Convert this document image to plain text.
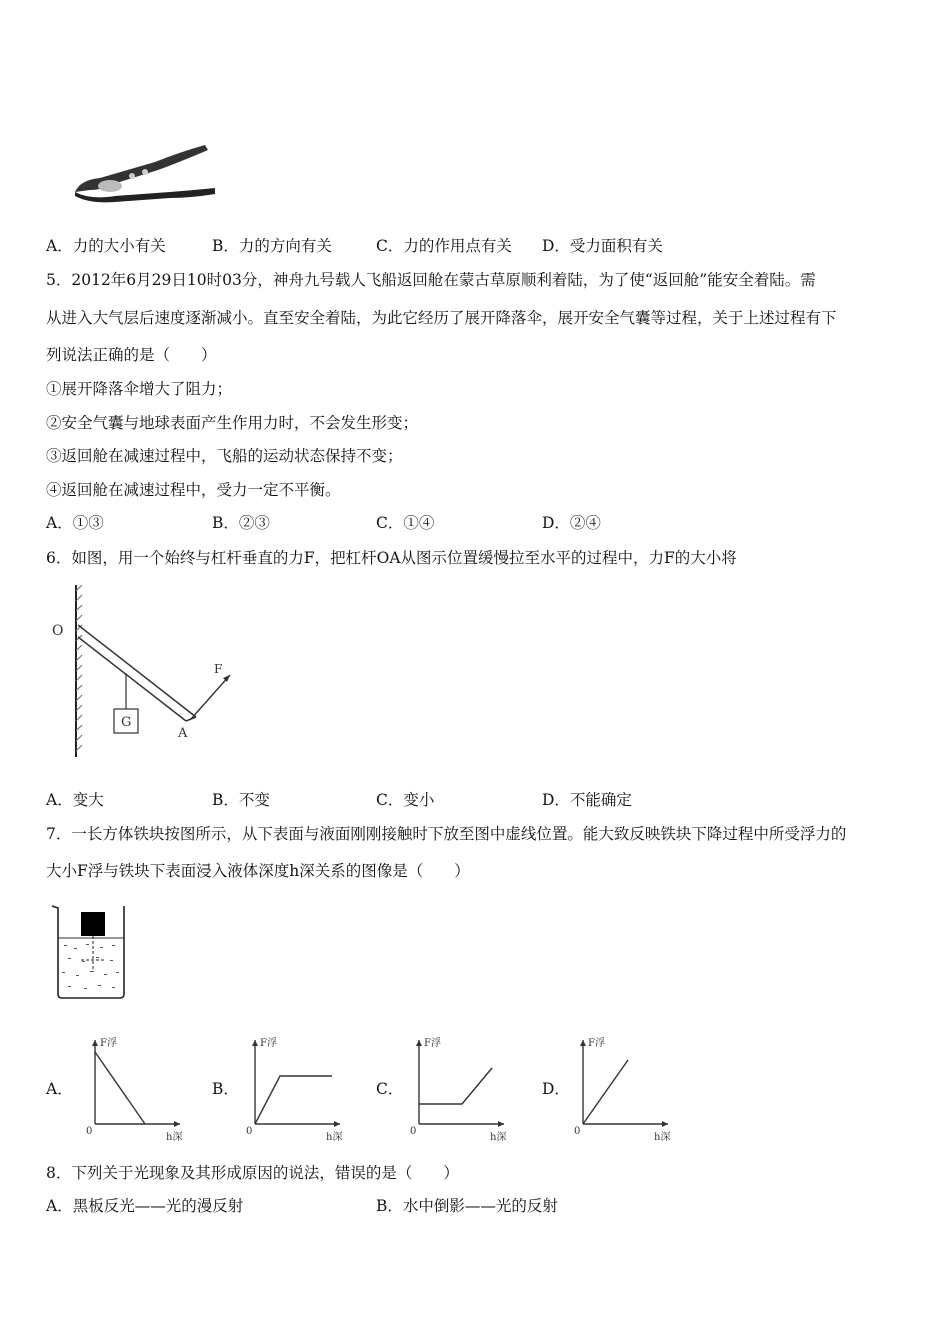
A．力的大小有关	B．力的方向有关	C．力的作用点有关 D．受力面积有关
5．2012年6月29日10时03分，神舟九号载人飞船返回舱在蒙古草原顺利着陆，为了使“返回舱”能安全着陆。需
从进入大气层后速度逐渐减小。直至安全着陆，为此它经历了展开降落伞，展开安全气囊等过程，关于上述过程有下
列说法正确的是（　　）
①展开降落伞增大了阻力；
②安全气囊与地球表面产生作用力时，不会发生形变；
③返回舱在减速过程中，飞船的运动状态保持不变；
④返回舱在减速过程中，受力一定不平衡。
A．①③	B．②③	C．①④	D．②④
6．如图，用一个始终与杠杆垂直的力F，把杠杆OA从图示位置缓慢拉至水平的过程中，力F的大小将
O
F
G
A
A．变大	B．不变	C．变小	D．不能确定
7．一长方体铁块按图所示，从下表面与液面刚刚接触时下放至图中虚线位置。能大致反映铁块下降过程中所受浮力的
大小F浮与铁块下表面浸入液体深度h深关系的图像是（　　）
A．
F浮
h深
0
B．
F浮
h深
0
C．
F浮
h深
0
D．
F浮
h深
0
8．下列关于光现象及其形成原因的说法，错误的是（　　）
A．黑板反光——光的漫反射	B．水中倒影——光的反射
